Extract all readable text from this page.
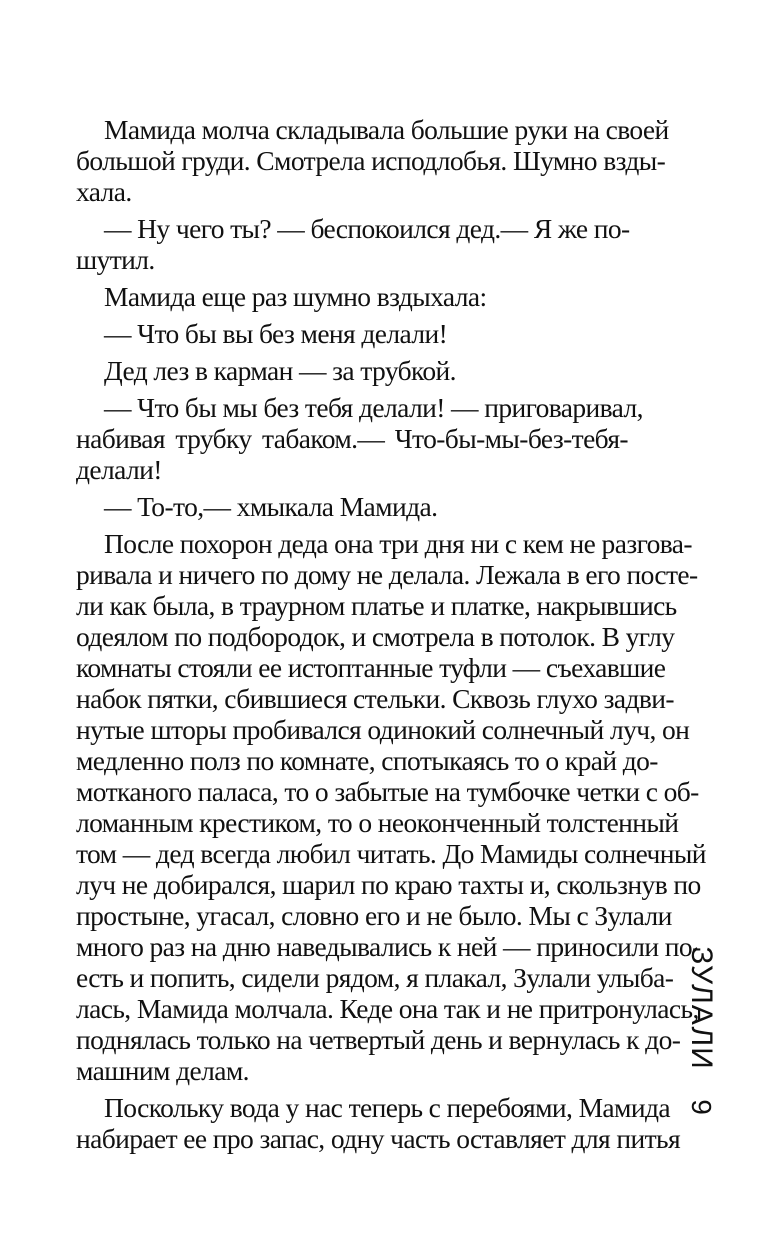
Мамида молча складывала большие руки на своей
большой груди. Смотрела исподлобья. Шумно взды-
хала.

— Ну чего ты? — беспокоился дед.— Я же по-
шутил.

Мамида еще раз шумно вздыхала:

— Что бы вы без меня делали!

Дед лез в карман — за трубкой.

— Что бы мы без тебя делали! — приговаривал,
набивая трубку табаком.— Что-бы-мы-без-тебя-
делали!

— То-то,— хмыкала Мамида.

После похорон деда она три дня ни с кем не разгова-
ривала и ничего по дому не делала. Лежала в его посте-
ли как была, в траурном платье и платке, накрывшись
одеялом по подбородок, и смотрела в потолок. В углу
комнаты стояли ее истоптанные туфли — съехавшие
набок пятки, сбившиеся стельки. Сквозь глухо задви-
нутые шторы пробивался одинокий солнечный луч, он
медленно полз по комнате, спотыкаясь то о край до-
мотканого паласа, то о забытые на тумбочке четки с об-
ломанным крестиком, то о неоконченный толстенный
том — дед всегда любил читать. До Мамиды солнечный
луч не добирался, шарил по краю тахты и, скользнув по
простыне, угасал, словно его и не было. Мы с Зулали
много раз на дню наведывались к ней — приносили по-
есть и попить, сидели рядом, я плакал, Зулали улыба-
лась, Мамида молчала. Кеде она так и не притронулась,
поднялась только на четвертый день и вернулась к до-
машним делам.

Поскольку вода у нас теперь с перебоями, Мамида
набирает ее про запас, одну часть оставляет для питья

ЗУЛАЛИ
9
